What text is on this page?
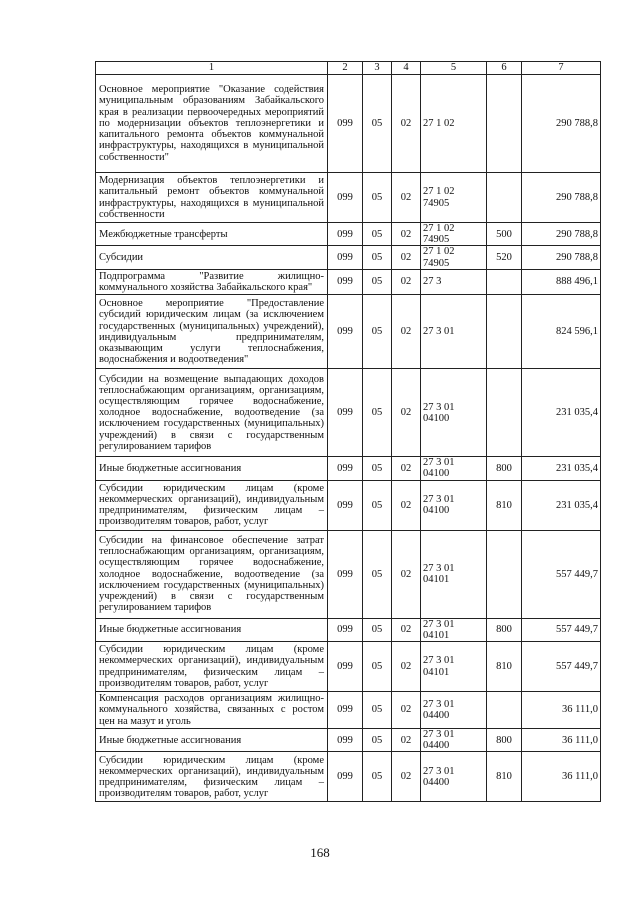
1	2	3	4	5	6	7
Основное мероприятие "Оказание содействия муниципальным образованиям Забайкальского края в реализации первоочередных мероприятий по модернизации объектов теплоэнергетики и капитального ремонта объектов коммунальной инфраструктуры, находящихся в муниципальной собственности"	099	05	02	27 1 02		290 788,8
Модернизация объектов теплоэнергетики и капитальный ремонт объектов коммунальной инфраструктуры, находящихся в муниципальной собственности	099	05	02	27 1 02 74905		290 788,8
Межбюджетные трансферты	099	05	02	27 1 02 74905	500	290 788,8
Субсидии	099	05	02	27 1 02 74905	520	290 788,8
Подпрограмма "Развитие жилищно-коммунального хозяйства Забайкальского края"	099	05	02	27 3		888 496,1
Основное мероприятие "Предоставление субсидий юридическим лицам (за исключением государственных (муниципальных) учреждений), индивидуальным предпринимателям, оказывающим услуги теплоснабжения, водоснабжения и водоотведения"	099	05	02	27 3 01		824 596,1
Субсидии на возмещение выпадающих доходов теплоснабжающим организациям, организациям, осуществляющим горячее водоснабжение, холодное водоснабжение, водоотведение (за исключением государственных (муниципальных) учреждений) в связи с государственным регулированием тарифов	099	05	02	27 3 01 04100		231 035,4
Иные бюджетные ассигнования	099	05	02	27 3 01 04100	800	231 035,4
Субсидии юридическим лицам (кроме некоммерческих организаций), индивидуальным предпринимателям, физическим лицам – производителям товаров, работ, услуг	099	05	02	27 3 01 04100	810	231 035,4
Субсидии на финансовое обеспечение затрат теплоснабжающим организациям, организациям, осуществляющим горячее водоснабжение, холодное водоснабжение, водоотведение (за исключением государственных (муниципальных) учреждений) в связи с государственным регулированием тарифов	099	05	02	27 3 01 04101		557 449,7
Иные бюджетные ассигнования	099	05	02	27 3 01 04101	800	557 449,7
Субсидии юридическим лицам (кроме некоммерческих организаций), индивидуальным предпринимателям, физическим лицам – производителям товаров, работ, услуг	099	05	02	27 3 01 04101	810	557 449,7
Компенсация расходов организациям жилищно-коммунального хозяйства, связанных с ростом цен на мазут и уголь	099	05	02	27 3 01 04400		36 111,0
Иные бюджетные ассигнования	099	05	02	27 3 01 04400	800	36 111,0
Субсидии юридическим лицам (кроме некоммерческих организаций), индивидуальным предпринимателям, физическим лицам – производителям товаров, работ, услуг	099	05	02	27 3 01 04400	810	36 111,0
168
